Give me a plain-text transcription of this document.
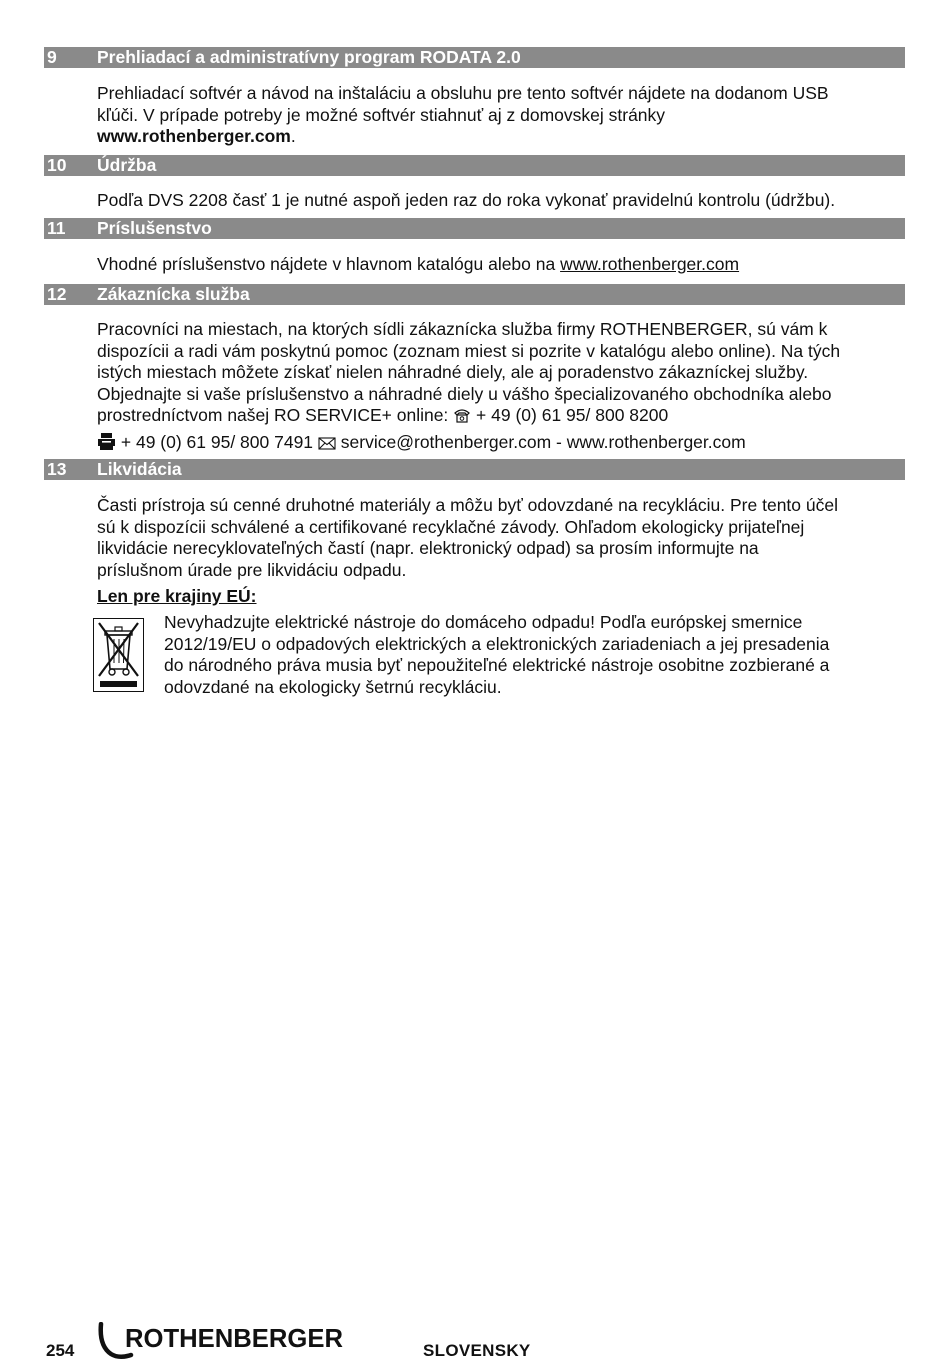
9 Prehliadací a administratívny program RODATA 2.0
Prehliadací softvér a návod na inštaláciu a obsluhu pre tento softvér nájdete na dodanom USB
kľúči. V prípade potreby je možné softvér stiahnuť aj z domovskej stránky
www.rothenberger.com.
10 Údržba
Podľa DVS 2208 časť 1 je nutné aspoň jeden raz do roka vykonať pravidelnú kontrolu (údržbu).
11 Príslušenstvo
Vhodné príslušenstvo nájdete v hlavnom katalógu alebo na www.rothenberger.com
12 Zákaznícka služba
Pracovníci na miestach, na ktorých sídli zákaznícka služba firmy ROTHENBERGER, sú vám k
dispozícii a radi vám poskytnú pomoc (zoznam miest si pozrite v katalógu alebo online). Na tých
istých miestach môžete získať nielen náhradné diely, ale aj poradenstvo zákazníckej služby.
Objednajte si vaše príslušenstvo a náhradné diely u vášho špecializovaného obchodníka alebo
prostredníctvom našej RO SERVICE+ online:  + 49 (0) 61 95/ 800 8200
+ 49 (0) 61 95/ 800 7491 service@rothenberger.com - www.rothenberger.com
13 Likvidácia
Časti prístroja sú cenné druhotné materiály a môžu byť odovzdané na recykláciu. Pre tento účel
sú k dispozícii schválené a certifikované recyklačné závody. Ohľadom ekologicky prijateľnej
likvidácie nerecyklovateľných častí (napr. elektronický odpad) sa prosím informujte na
príslušnom úrade pre likvidáciu odpadu.
Len pre krajiny EÚ:
Nevyhadzujte elektrické nástroje do domáceho odpadu! Podľa európskej smernice
2012/19/EU o odpadových elektrických a elektronických zariadeniach a jej presadenia
do národného práva musia byť nepoužiteľné elektrické nástroje osobitne zozbierané a
odovzdané na ekologicky šetrnú recykláciu.
254 ROTHENBERGER	SLOVENSKY
